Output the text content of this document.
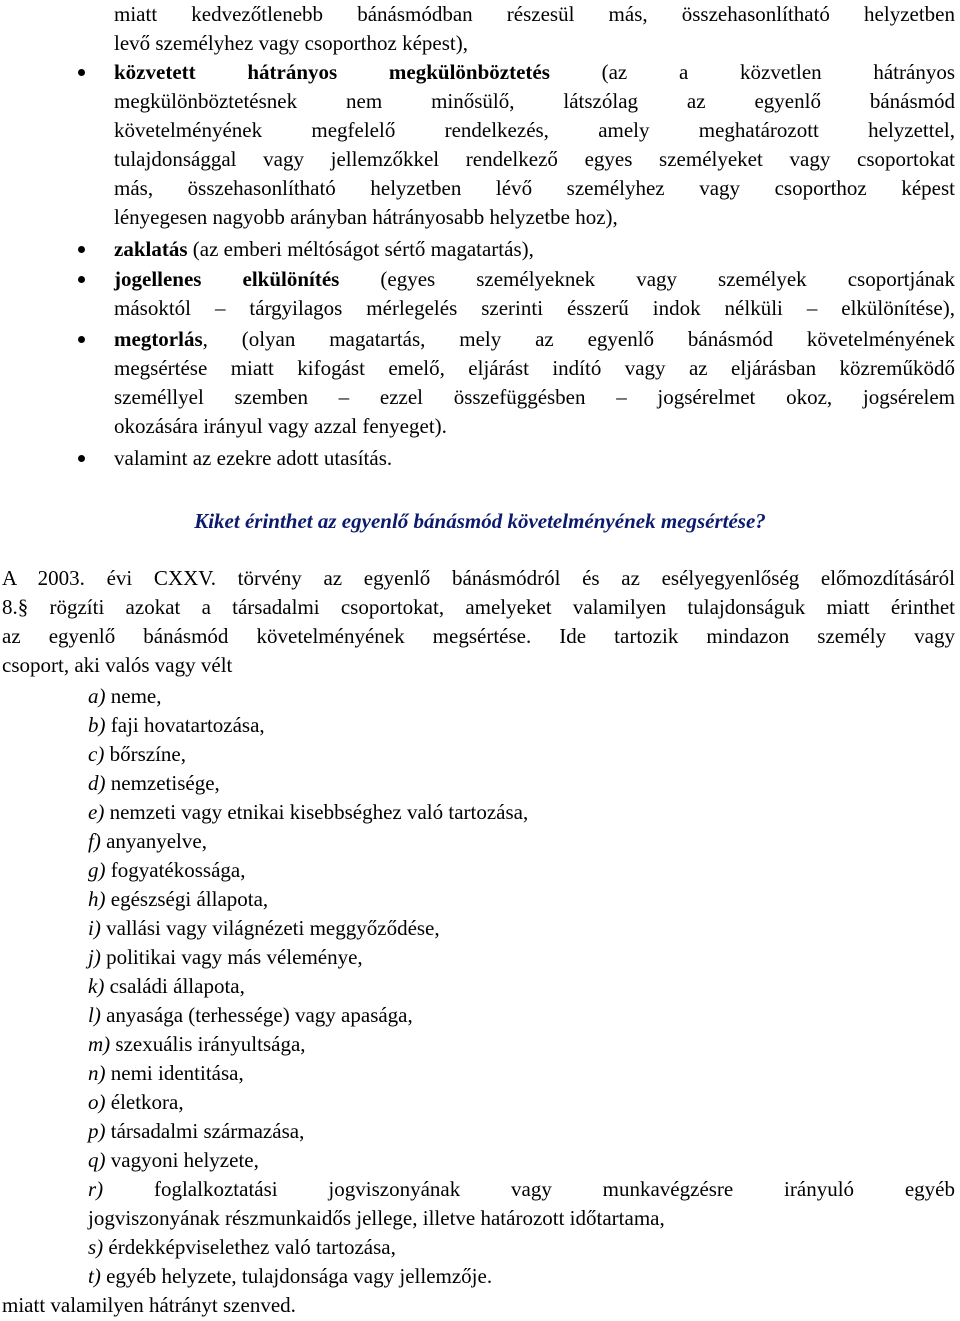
miatt kedvezőtlenebb bánásmódban részesül más, összehasonlítható helyzetben
levő személyhez vagy csoporthoz képest),
közvetett hátrányos megkülönböztetés (az a közvetlen hátrányos
megkülönböztetésnek nem minősülő, látszólag az egyenlő bánásmód
követelményének megfelelő rendelkezés, amely meghatározott helyzettel,
tulajdonsággal vagy jellemzőkkel rendelkező egyes személyeket vagy csoportokat
más, összehasonlítható helyzetben lévő személyhez vagy csoporthoz képest
lényegesen nagyobb arányban hátrányosabb helyzetbe hoz),
zaklatás (az emberi méltóságot sértő magatartás),
jogellenes elkülönítés (egyes személyeknek vagy személyek csoportjának
másoktól – tárgyilagos mérlegelés szerinti ésszerű indok nélküli – elkülönítése),
megtorlás, (olyan magatartás, mely az egyenlő bánásmód követelményének
megsértése miatt kifogást emelő, eljárást indító vagy az eljárásban közreműködő
személlyel szemben – ezzel összefüggésben – jogsérelmet okoz, jogsérelem
okozására irányul vagy azzal fenyeget).
valamint az ezekre adott utasítás.
Kiket érinthet az egyenlő bánásmód követelményének megsértése?
A 2003. évi CXXV. törvény az egyenlő bánásmódról és az esélyegyenlőség előmozdításáról
8.§ rögzíti azokat a társadalmi csoportokat, amelyeket valamilyen tulajdonságuk miatt érinthet
az egyenlő bánásmód követelményének megsértése. Ide tartozik mindazon személy vagy
csoport, aki valós vagy vélt
a) neme,
b) faji hovatartozása,
c) bőrszíne,
d) nemzetisége,
e) nemzeti vagy etnikai kisebbséghez való tartozása,
f) anyanyelve,
g) fogyatékossága,
h) egészségi állapota,
i) vallási vagy világnézeti meggyőződése,
j) politikai vagy más véleménye,
k) családi állapota,
l) anyasága (terhessége) vagy apasága,
m) szexuális irányultsága,
n) nemi identitása,
o) életkora,
p) társadalmi származása,
q) vagyoni helyzete,
r) foglalkoztatási jogviszonyának vagy munkavégzésre irányuló egyéb
jogviszonyának részmunkaidős jellege, illetve határozott időtartama,
s) érdekképviselethez való tartozása,
t) egyéb helyzete, tulajdonsága vagy jellemzője.
miatt valamilyen hátrányt szenved.
